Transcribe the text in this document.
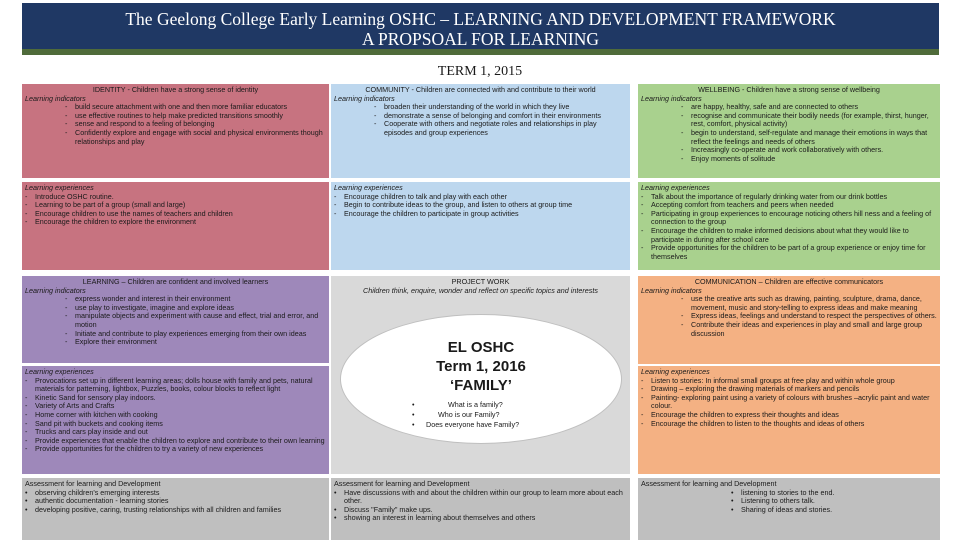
The Geelong College Early Learning OSHC – LEARNING AND DEVELOPMENT FRAMEWORK
A PROPSOAL FOR LEARNING
TERM 1, 2015
IDENTITY - Children have a strong sense of identity
Learning indicators
- build secure attachment with one and then more familiar educators
- use effective routines to help make predicted transitions smoothly
- sense and respond to a feeling of belonging
- Confidently explore and engage with social and physical environments though relationships and play
COMMUNITY - Children are connected with and contribute to their world
Learning indicators
- broaden their understanding of the world in which they live
- demonstrate a sense of belonging and comfort in their environments
- Cooperate with others and negotiate roles and relationships in play episodes and group experiences
WELLBEING - Children have a strong sense of wellbeing
Learning indicators
- are happy, healthy, safe and are connected to others
- recognise and communicate their bodily needs (for example, thirst, hunger, rest, comfort, physical activity)
- begin to understand, self-regulate and manage their emotions in ways that reflect the feelings and needs of others
- Increasingly co-operate and work collaboratively with others.
- Enjoy moments of solitude
Learning experiences
- Introduce OSHC routine.
- Learning to be part of a group (small and large)
- Encourage children to use the names of teachers and children
- Encourage the children to explore the environment
Learning experiences
- Encourage children to talk and play with each other
- Begin to contribute ideas to the group, and listen to others at group time
- Encourage the children to participate in group activities
Learning experiences
- Talk about the importance of regularly drinking water from our drink bottles
- Accepting comfort from teachers and peers when needed
- Participating in group experiences to encourage noticing others hill ness and a feeling of connection to the group
- Encourage the children to make informed decisions about what they would like to participate in during after school care
- Provide opportunities for the children to be part of a group experience or enjoy time for themselves
LEARNING – Children are confident and involved learners
Learning indicators
- express wonder and interest in their environment
- use play to investigate, imagine and explore ideas
- manipulate objects and experiment with cause and effect, trial and error, and motion
- Initiate and contribute to play experiences emerging from their own ideas
- Explore their environment
Learning experiences
- Provocations set up in different learning areas; dolls house with family and pets, natural materials for patterning, lightbox, Puzzles, books, colour blocks to reflect light
- Kinetic Sand for sensory play indoors.
- Variety of Arts and Crafts
- Home corner with kitchen with cooking
- Sand pit with buckets and cooking items
- Trucks and cars play inside and out
- Provide experiences that enable the children to explore and contribute to their own learning
- Provide opportunities for the children to try a variety of new experiences
PROJECT WORK
Children think, enquire, wonder and reflect on specific topics and interests
EL OSHC
Term 1, 2016
‘FAMILY’
• What is a family?
• Who is our Family?
• Does everyone have Family?
COMMUNICATION – Children are effective communicators
Learning indicators
- use the creative arts such as drawing, painting, sculpture, drama, dance, movement, music and story-telling to express ideas and make meaning
- Express ideas, feelings and understand to respect the perspectives of others.
- Contribute their ideas and experiences in play and small and large group discussion
Learning experiences
- Listen to stories: In informal small groups at free play and within whole group
- Drawing – exploring the drawing materials of markers and pencils
- Painting- exploring paint using a variety of colours with brushes –acrylic paint and water colour.
- Encourage the children to express their thoughts and ideas
- Encourage the children to listen to the thoughts and ideas of others
Assessment for learning and Development
• observing children's emerging interests
• authentic documentation - learning stories
• developing positive, caring, trusting relationships with all children and families
Assessment for learning and Development
• Have discussions with and about the children within our group to learn more about each other.
• Discuss "Family" make ups.
• showing an interest in learning about themselves and others
Assessment for learning and Development
• listening to stories to the end.
• Listening to others talk.
• Sharing of ideas and stories.
